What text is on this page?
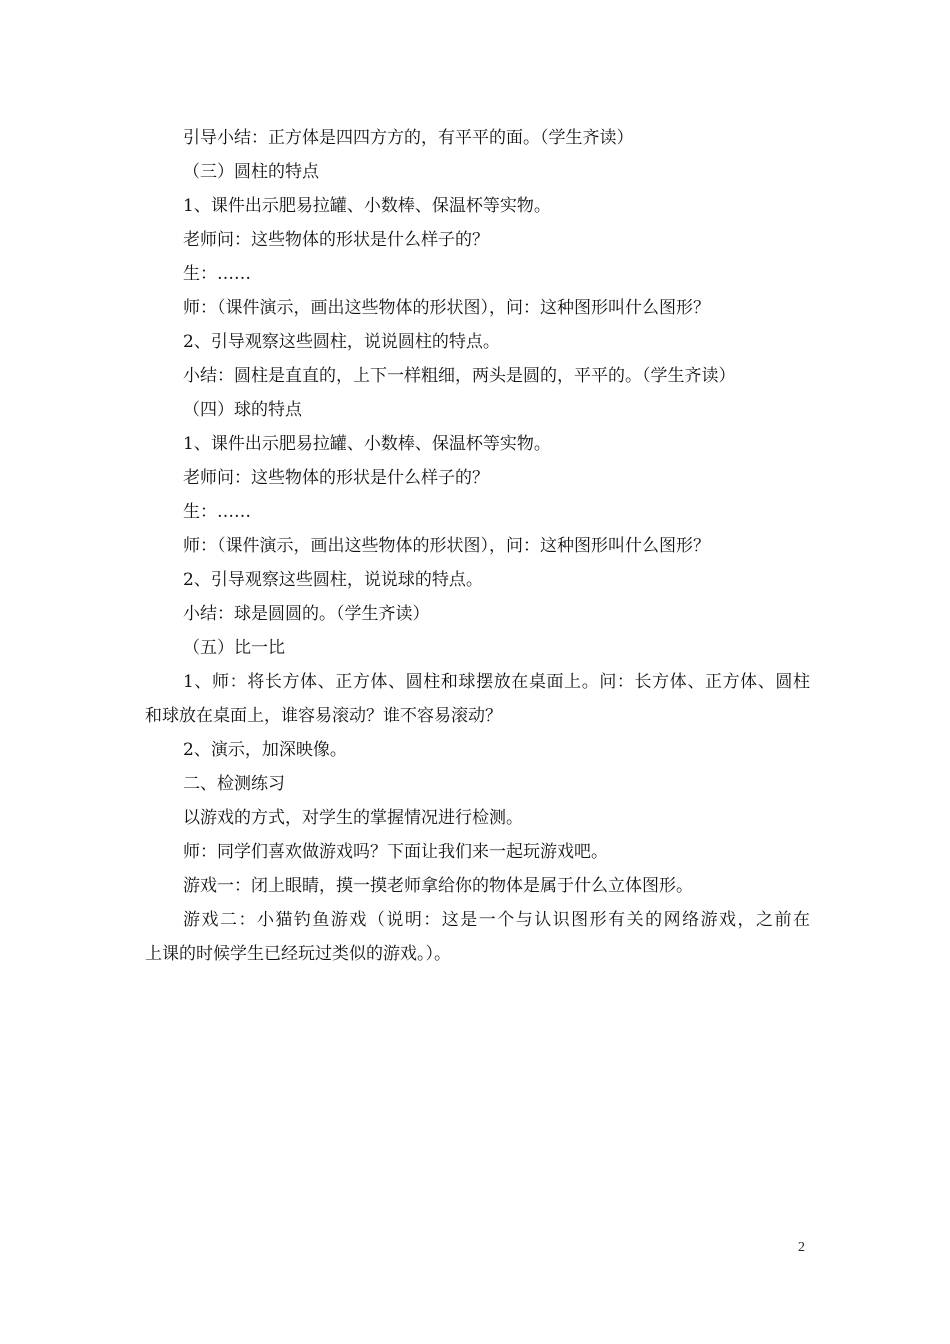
引导小结：正方体是四四方方的，有平平的面。（学生齐读）
（三）圆柱的特点
1、课件出示肥易拉罐、小数棒、保温杯等实物。
老师问：这些物体的形状是什么样子的？
生：……
师：（课件演示，画出这些物体的形状图），问：这种图形叫什么图形？
2、引导观察这些圆柱，说说圆柱的特点。
小结：圆柱是直直的，上下一样粗细，两头是圆的，平平的。（学生齐读）
（四）球的特点
1、课件出示肥易拉罐、小数棒、保温杯等实物。
老师问：这些物体的形状是什么样子的？
生：……
师：（课件演示，画出这些物体的形状图），问：这种图形叫什么图形？
2、引导观察这些圆柱，说说球的特点。
小结：球是圆圆的。（学生齐读）
（五）比一比
1、师：将长方体、正方体、圆柱和球摆放在桌面上。问：长方体、正方体、圆柱
和球放在桌面上，谁容易滚动？谁不容易滚动？
2、演示，加深映像。
二、检测练习
以游戏的方式，对学生的掌握情况进行检测。
师：同学们喜欢做游戏吗？下面让我们来一起玩游戏吧。
游戏一：闭上眼睛，摸一摸老师拿给你的物体是属于什么立体图形。
游戏二：小猫钓鱼游戏（说明：这是一个与认识图形有关的网络游戏，之前在
上课的时候学生已经玩过类似的游戏。）。
2
